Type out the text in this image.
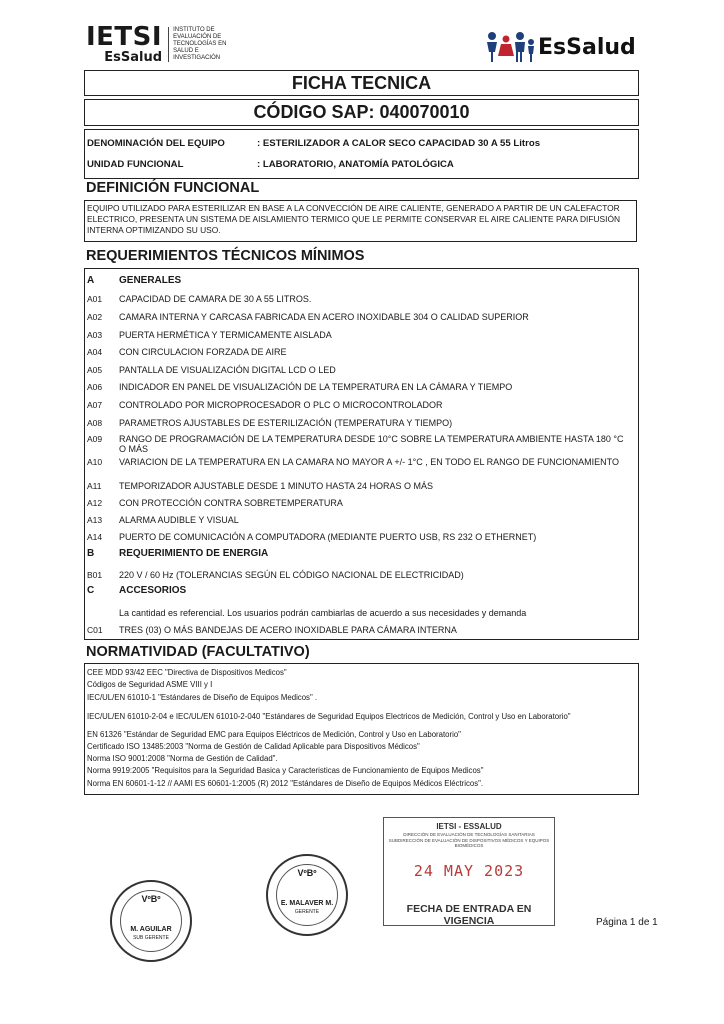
IETSI
EsSalud
INSTITUTO DE
EVALUACIÓN DE
TECNOLOGÍAS EN
SALUD E
INVESTIGACIÓN	EsSalud
FICHA TECNICA
CÓDIGO SAP: 040070010
DENOMINACIÓN DEL EQUIPO	: ESTERILIZADOR A CALOR SECO CAPACIDAD 30 A 55 Litros
UNIDAD FUNCIONAL	: LABORATORIO, ANATOMÍA PATOLÓGICA
DEFINICIÓN FUNCIONAL
EQUIPO UTILIZADO PARA ESTERILIZAR EN BASE A LA CONVECCIÓN DE AIRE CALIENTE, GENERADO A PARTIR DE UN CALEFACTOR ELECTRICO, PRESENTA UN SISTEMA DE AISLAMIENTO TERMICO QUE LE PERMITE CONSERVAR EL AIRE CALIENTE PARA DIFUSIÓN INTERNA OPTIMIZANDO SU USO.
REQUERIMIENTOS TÉCNICOS MÍNIMOS
A	GENERALES
A01	CAPACIDAD DE CAMARA DE 30 A 55 LITROS.
A02	CAMARA INTERNA Y CARCASA FABRICADA EN ACERO INOXIDABLE 304 O CALIDAD SUPERIOR
A03	PUERTA HERMÉTICA Y TERMICAMENTE AISLADA
A04	CON CIRCULACION FORZADA DE AIRE
A05	PANTALLA DE VISUALIZACIÓN DIGITAL LCD O LED
A06	INDICADOR EN PANEL DE VISUALIZACIÓN DE LA TEMPERATURA EN LA CÁMARA Y TIEMPO
A07	CONTROLADO POR MICROPROCESADOR O PLC O MICROCONTROLADOR
A08	PARAMETROS AJUSTABLES DE ESTERILIZACIÓN (TEMPERATURA Y TIEMPO)
A09	RANGO DE PROGRAMACIÓN DE LA TEMPERATURA DESDE 10°C SOBRE LA TEMPERATURA AMBIENTE HASTA 180 °C O MÁS
A10	VARIACION DE LA TEMPERATURA EN LA CAMARA NO MAYOR A +/- 1°C , EN TODO EL RANGO DE FUNCIONAMIENTO
A11	TEMPORIZADOR AJUSTABLE DESDE 1 MINUTO HASTA 24 HORAS O MÁS
A12	CON PROTECCIÓN CONTRA SOBRETEMPERATURA
A13	ALARMA AUDIBLE Y VISUAL
A14	PUERTO DE COMUNICACIÓN A COMPUTADORA (MEDIANTE PUERTO USB, RS 232 O ETHERNET)
B	REQUERIMIENTO DE ENERGIA
B01	220 V / 60 Hz (TOLERANCIAS SEGÚN EL CÓDIGO NACIONAL DE ELECTRICIDAD)
C	ACCESORIOS
La cantidad es referencial. Los usuarios podrán cambiarlas de acuerdo a sus necesidades y demanda
C01	TRES (03) O MÁS BANDEJAS DE ACERO INOXIDABLE PARA CÁMARA INTERNA
NORMATIVIDAD (FACULTATIVO)
CEE MDD 93/42 EEC "Directiva de Dispositivos Medicos"
Códigos de Seguridad ASME VIII y I
IEC/UL/EN 61010-1 "Estándares de Diseño de Equipos Medicos" .
IEC/UL/EN 61010-2-04 e IEC/UL/EN 61010-2-040 "Estándares de Seguridad Equipos Electricos de Medición, Control y Uso en Laboratorio"
EN 61326 "Estándar de Seguridad EMC para Equipos Eléctricos de Medición, Control y Uso en Laboratorio"
Certificado ISO 13485:2003 "Norma de Gestión de Calidad Aplicable para Dispositivos Médicos"
Norma ISO 9001:2008 "Norma de Gestión de Calidad".
Norma 9919:2005 "Requisitos para la Seguridad Basica y Caracteristicas de Funcionamiento de Equipos Medicos"
Norma EN 60601-1-12 // AAMI ES 60601-1:2005 (R) 2012 "Estándares de Diseño de Equipos Médicos Eléctricos".
VºBº
M. AGUILAR
SUB GERENTE
VºBº
E. MALAVER M.
GERENTE
IETSI - ESSALUD
DIRECCIÓN DE EVALUACIÓN DE TECNOLOGÍAS SANITARIAS
SUBDIRECCIÓN DE EVALUACIÓN DE DISPOSITIVOS MÉDICOS Y EQUIPOS BIOMÉDICOS
24 MAY 2023
FECHA DE ENTRADA EN VIGENCIA	Página 1 de 1
